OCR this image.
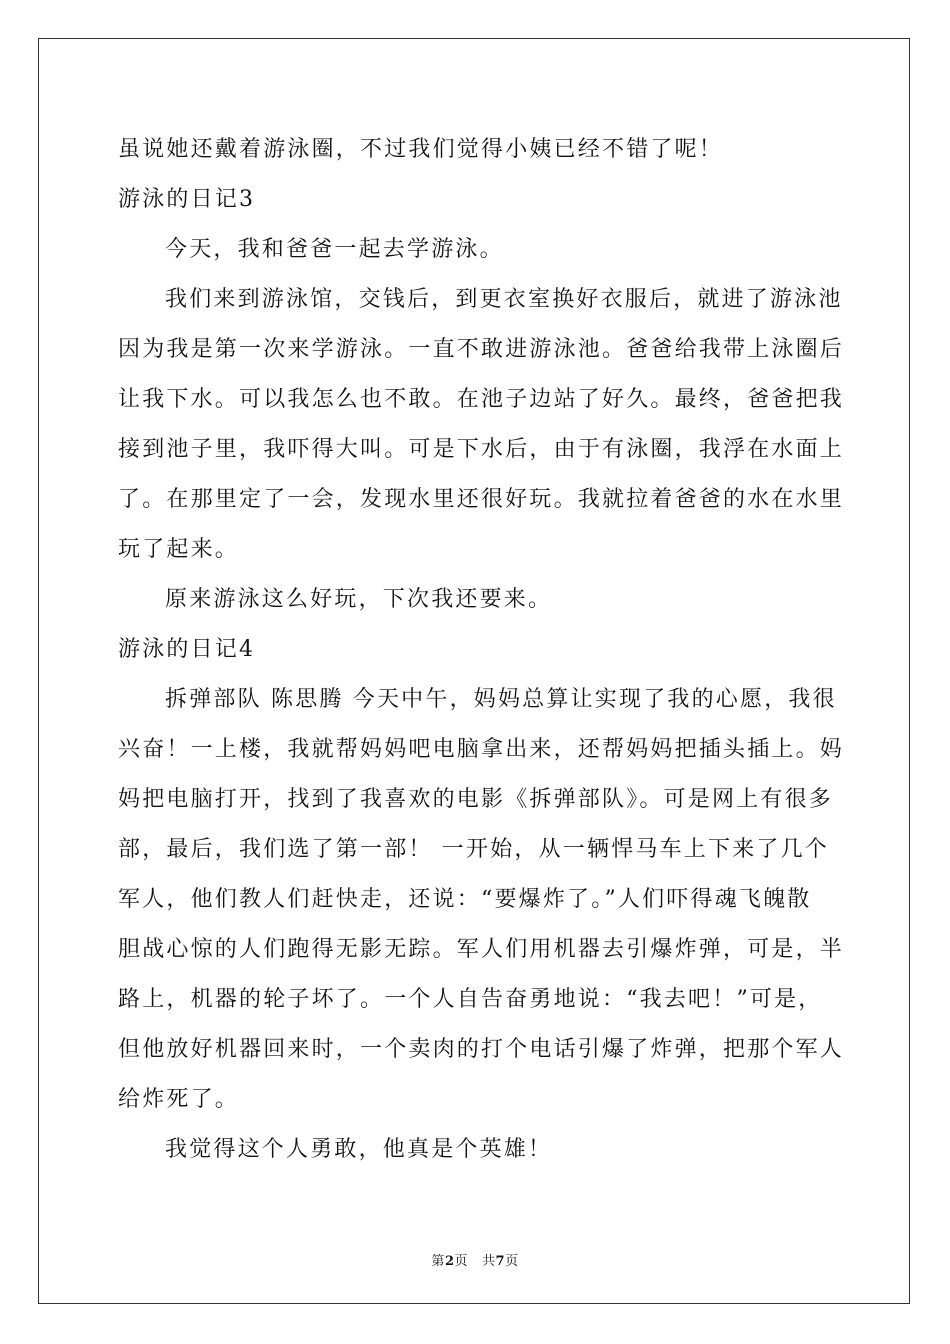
虽说她还戴着游泳圈，不过我们觉得小姨已经不错了呢！
游泳的日记3
今天，我和爸爸一起去学游泳。
我们来到游泳馆，交钱后，到更衣室换好衣服后，就进了游泳池
因为我是第一次来学游泳。一直不敢进游泳池。爸爸给我带上泳圈后
让我下水。可以我怎么也不敢。在池子边站了好久。最终，爸爸把我
接到池子里，我吓得大叫。可是下水后，由于有泳圈，我浮在水面上
了。在那里定了一会，发现水里还很好玩。我就拉着爸爸的水在水里
玩了起来。
原来游泳这么好玩，下次我还要来。
游泳的日记4
拆弹部队 陈思腾 今天中午，妈妈总算让实现了我的心愿，我很
兴奋！一上楼，我就帮妈妈吧电脑拿出来，还帮妈妈把插头插上。妈
妈把电脑打开，找到了我喜欢的电影《拆弹部队》。可是网上有很多
部，最后，我们选了第一部！ 一开始，从一辆悍马车上下来了几个
军人，他们教人们赶快走，还说：“要爆炸了。”人们吓得魂飞魄散
胆战心惊的人们跑得无影无踪。军人们用机器去引爆炸弹，可是，半
路上，机器的轮子坏了。一个人自告奋勇地说：“我去吧！”可是，
但他放好机器回来时，一个卖肉的打个电话引爆了炸弹，把那个军人
给炸死了。
我觉得这个人勇敢，他真是个英雄！
第2页 共7页
